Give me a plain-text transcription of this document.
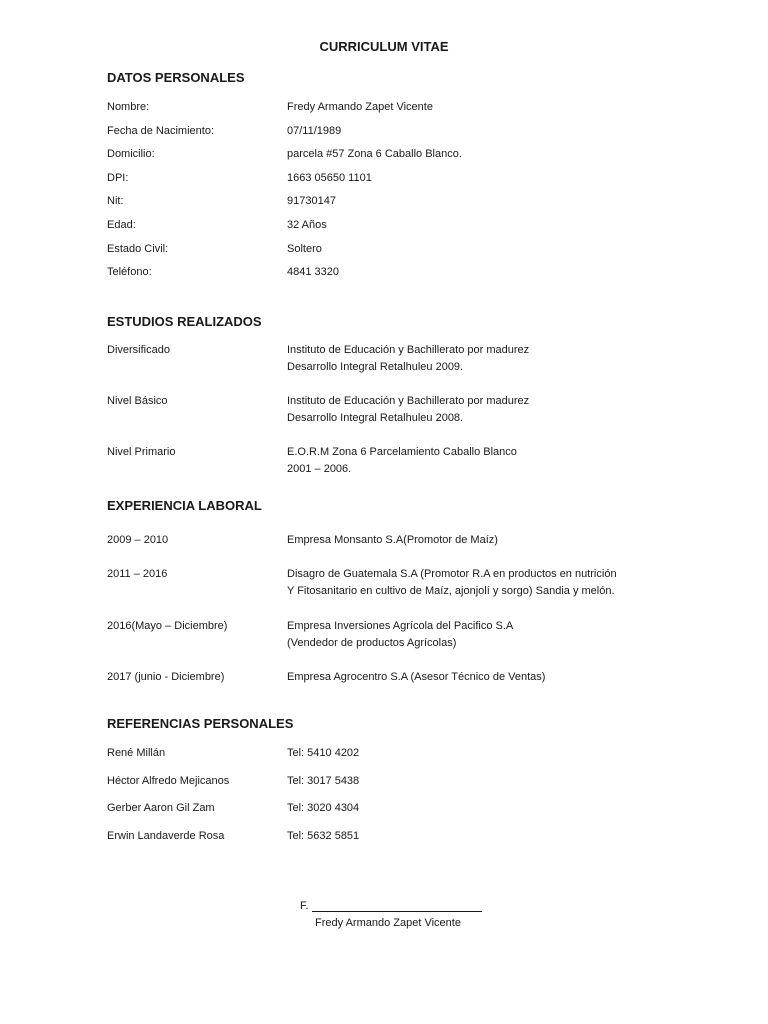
CURRICULUM VITAE
DATOS PERSONALES
Nombre:	Fredy Armando Zapet Vicente
Fecha de Nacimiento:	07/11/1989
Domicilio:	parcela #57 Zona 6 Caballo Blanco.
DPI:	1663 05650 1101
Nit:	91730147
Edad:	32 Años
Estado Civil:	Soltero
Teléfono:	4841 3320
ESTUDIOS REALIZADOS
Diversificado	Instituto de Educación y Bachillerato por madurez
Desarrollo Integral Retalhuleu 2009.
Nivel Básico	Instituto de Educación y Bachillerato por madurez
Desarrollo Integral Retalhuleu 2008.
Nivel Primario	E.O.R.M Zona 6 Parcelamiento Caballo Blanco
2001 – 2006.
EXPERIENCIA LABORAL
2009 – 2010	Empresa Monsanto S.A(Promotor de Maíz)
2011 – 2016	Disagro de Guatemala S.A (Promotor R.A en productos en nutrición
Y Fitosanitario en cultivo de Maíz, ajonjolí y sorgo) Sandia y melón.
2016(Mayo – Diciembre)	Empresa Inversiones Agrícola del Pacifico S.A
(Vendedor de productos Agrícolas)
2017 (junio - Diciembre)	Empresa Agrocentro S.A (Asesor Técnico de Ventas)
REFERENCIAS PERSONALES
René Millán	Tel: 5410 4202
Héctor Alfredo Mejicanos	Tel: 3017 5438
Gerber Aaron Gil Zam	Tel: 3020 4304
Erwin Landaverde Rosa	Tel: 5632 5851
F.
Fredy Armando Zapet Vicente
